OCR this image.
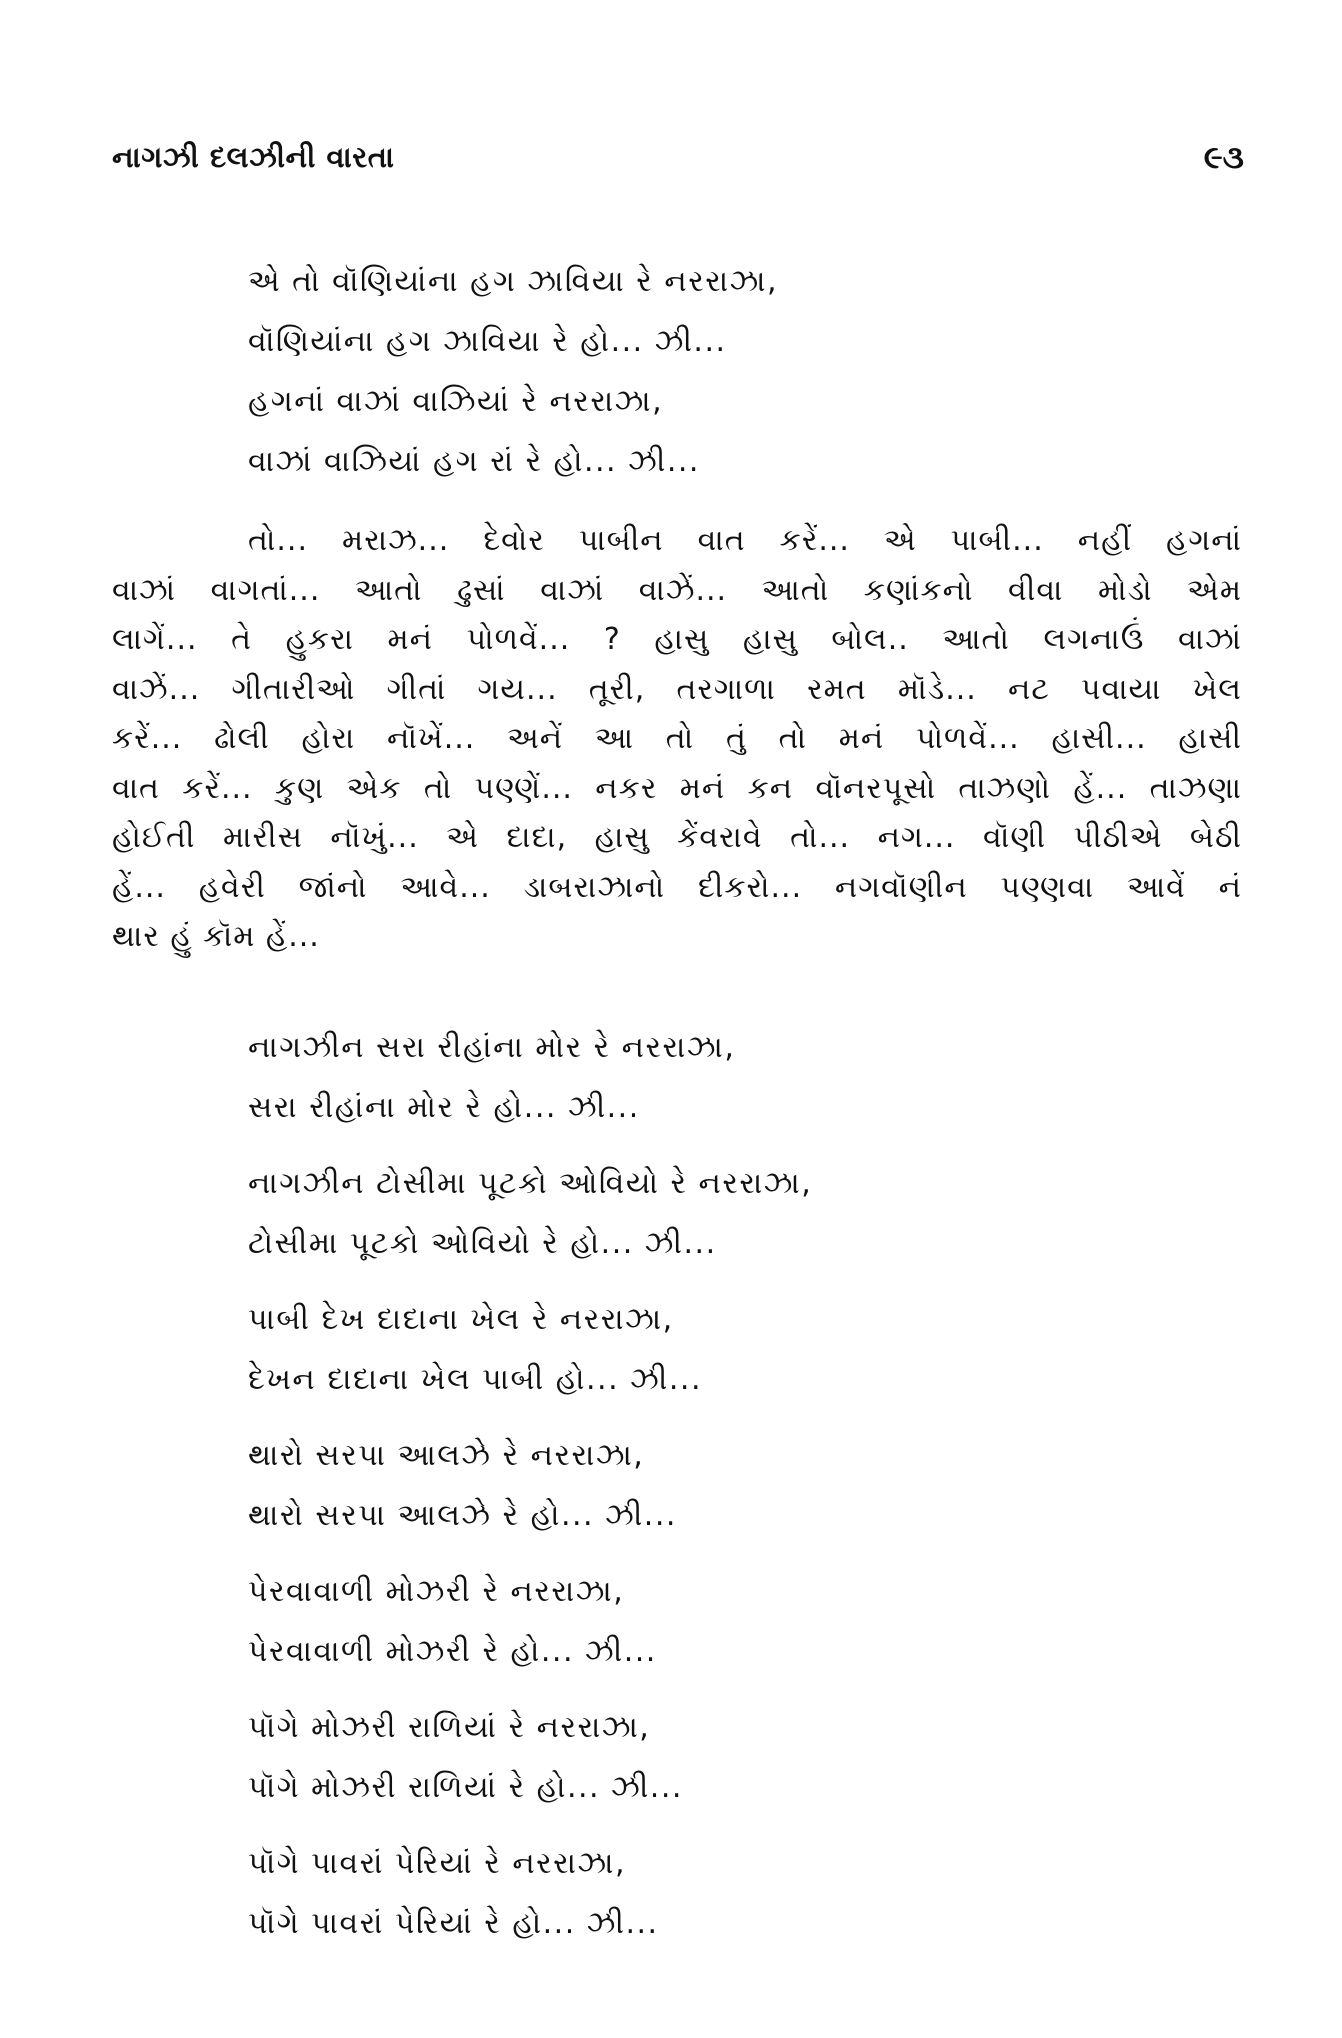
નાગઝી દલઝીની વારતા	૯૩
એ તો વૉણિયાંના હગ ઝાવિયા રે નરરાઝા,
વૉણિયાંના હગ ઝાવિયા રે હો... ઝી...
હગનાં વાઝાં વાઝિયાં રે નરરાઝા,
વાઝાં વાઝિયાં હગ રાં રે હો... ઝી...
તો... મરાઝ... દેવોર પાબીન વાત કરેં... એ પાબી... નહીં હગનાં
વાઝાં વાગતાં... આતો ઢુસાં વાઝાં વાઝેં... આતો કણાંકનો વીવા મોડો એમ
લાગેં... તે હુકરા મનં પોળવેં... ? હાસુ હાસુ બોલ.. આતો લગનાઉં વાઝાં
વાઝેં... ગીતારીઓ ગીતાં ગય... તૂરી, તરગાળા રમત મૉડે... નટ પવાયા ખેલ
કરેં... ઢોલી હોરા નૉખેં... અનેં આ તો તું તો મનં પોળવેં... હાસી... હાસી
વાત કરેં... કુણ એક તો પણ્ણેં... નકર મનં કન વૉનરપૂસો તાઝણો હેં... તાઝણા
હોઈતી મારીસ નૉખું... એ દાદા, હાસુ કેંવરાવે તો... નગ... વૉણી પીઠીએ બેઠી
હેં... હવેરી જાંનો આવે... ડાબરાઝાનો દીકરો... નગવૉણીન પણ્ણવા આવેં નં
થાર હું કૉમ હેં...
નાગઝીન સરા રીહાંના મોર રે નરરાઝા,
સરા રીહાંના મોર રે હો... ઝી...
નાગઝીન ટોસીમા પૂટકો ઓવિયો રે નરરાઝા,
ટોસીમા પૂટકો ઓવિયો રે હો... ઝી...
પાબી દેખ દાદાના ખેલ રે નરરાઝા,
દેખન દાદાના ખેલ પાબી હો... ઝી...
થારો સરપા આલઝે રે નરરાઝા,
થારો સરપા આલઝે રે હો... ઝી...
પેરવાવાળી મોઝરી રે નરરાઝા,
પેરવાવાળી મોઝરી રે હો... ઝી...
પૉગે મોઝરી રાળિયાં રે નરરાઝા,
પૉગે મોઝરી રાળિયાં રે હો... ઝી...
પૉગે પાવરાં પેરિયાં રે નરરાઝા,
પૉગે પાવરાં પેરિયાં રે હો... ઝી...
